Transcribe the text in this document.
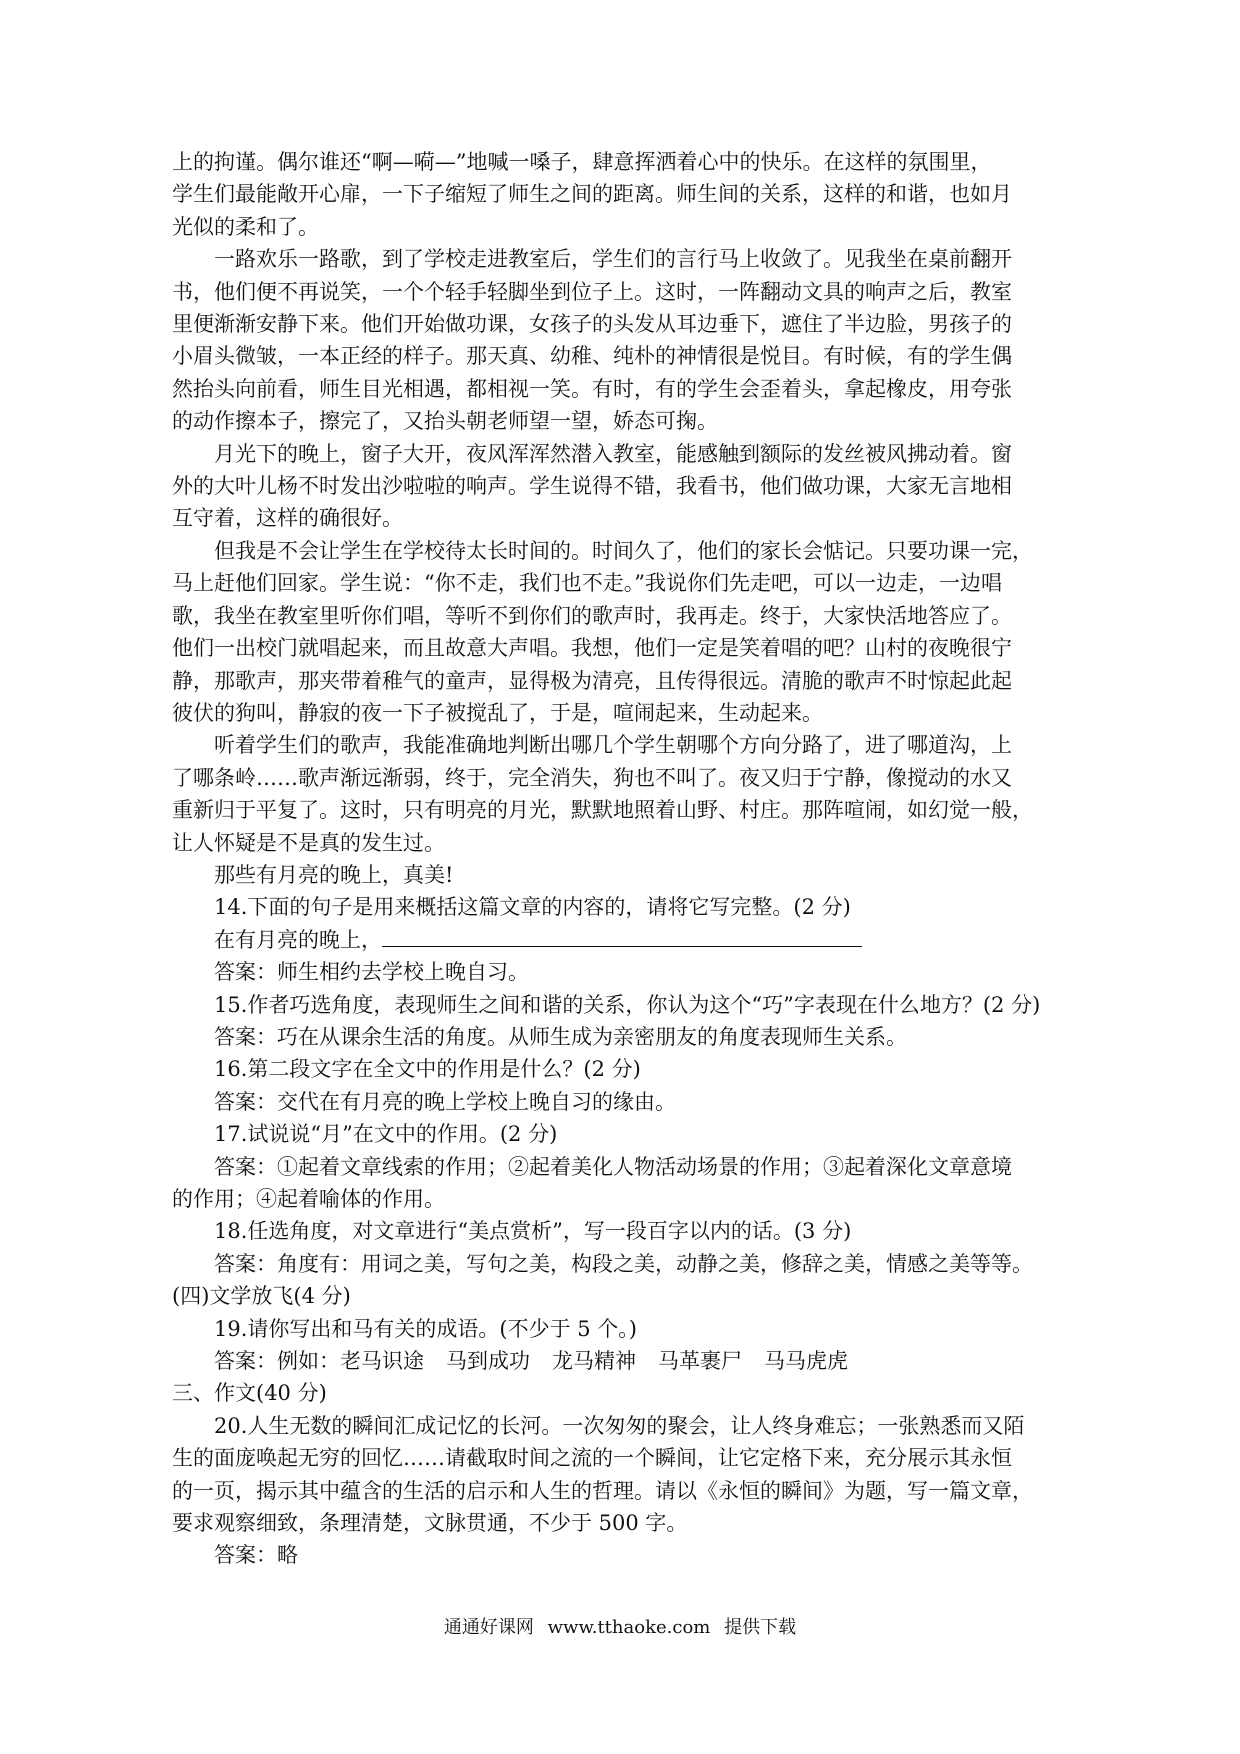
上的拘谨。偶尔谁还“啊—嗬—”地喊一嗓子，肆意挥洒着心中的快乐。在这样的氛围里，
学生们最能敞开心扉，一下子缩短了师生之间的距离。师生间的关系，这样的和谐，也如月
光似的柔和了。
一路欢乐一路歌，到了学校走进教室后，学生们的言行马上收敛了。见我坐在桌前翻开
书，他们便不再说笑，一个个轻手轻脚坐到位子上。这时，一阵翻动文具的响声之后，教室
里便渐渐安静下来。他们开始做功课，女孩子的头发从耳边垂下，遮住了半边脸，男孩子的
小眉头微皱，一本正经的样子。那天真、幼稚、纯朴的神情很是悦目。有时候，有的学生偶
然抬头向前看，师生目光相遇，都相视一笑。有时，有的学生会歪着头，拿起橡皮，用夸张
的动作擦本子，擦完了，又抬头朝老师望一望，娇态可掬。
月光下的晚上，窗子大开，夜风浑浑然潜入教室，能感触到额际的发丝被风拂动着。窗
外的大叶儿杨不时发出沙啦啦的响声。学生说得不错，我看书，他们做功课，大家无言地相
互守着，这样的确很好。
但我是不会让学生在学校待太长时间的。时间久了，他们的家长会惦记。只要功课一完，
马上赶他们回家。学生说：“你不走，我们也不走。”我说你们先走吧，可以一边走，一边唱
歌，我坐在教室里听你们唱，等听不到你们的歌声时，我再走。终于，大家快活地答应了。
他们一出校门就唱起来，而且故意大声唱。我想，他们一定是笑着唱的吧？山村的夜晚很宁
静，那歌声，那夹带着稚气的童声，显得极为清亮，且传得很远。清脆的歌声不时惊起此起
彼伏的狗叫，静寂的夜一下子被搅乱了，于是，喧闹起来，生动起来。
听着学生们的歌声，我能准确地判断出哪几个学生朝哪个方向分路了，进了哪道沟，上
了哪条岭……歌声渐远渐弱，终于，完全消失，狗也不叫了。夜又归于宁静，像搅动的水又
重新归于平复了。这时，只有明亮的月光，默默地照着山野、村庄。那阵喧闹，如幻觉一般，
让人怀疑是不是真的发生过。
那些有月亮的晚上，真美!
14.下面的句子是用来概括这篇文章的内容的，请将它写完整。(2 分)
在有月亮的晚上，
答案：师生相约去学校上晚自习。
15.作者巧选角度，表现师生之间和谐的关系，你认为这个“巧”字表现在什么地方？(2 分)
答案：巧在从课余生活的角度。从师生成为亲密朋友的角度表现师生关系。
16.第二段文字在全文中的作用是什么？(2 分)
答案：交代在有月亮的晚上学校上晚自习的缘由。
17.试说说“月”在文中的作用。(2 分)
答案：①起着文章线索的作用；②起着美化人物活动场景的作用；③起着深化文章意境
的作用；④起着喻体的作用。
18.任选角度，对文章进行“美点赏析”，写一段百字以内的话。(3 分)
答案：角度有：用词之美，写句之美，构段之美，动静之美，修辞之美，情感之美等等。
(四)文学放飞(4 分)
19.请你写出和马有关的成语。(不少于 5 个。)
答案：例如：老马识途 马到成功 龙马精神 马革裹尸 马马虎虎
三、作文(40 分)
20.人生无数的瞬间汇成记忆的长河。一次匆匆的聚会，让人终身难忘；一张熟悉而又陌
生的面庞唤起无穷的回忆……请截取时间之流的一个瞬间，让它定格下来，充分展示其永恒
的一页，揭示其中蕴含的生活的启示和人生的哲理。请以《永恒的瞬间》为题，写一篇文章，
要求观察细致，条理清楚，文脉贯通，不少于 500 字。
答案：略
通通好课网 www.tthaoke.com 提供下载
